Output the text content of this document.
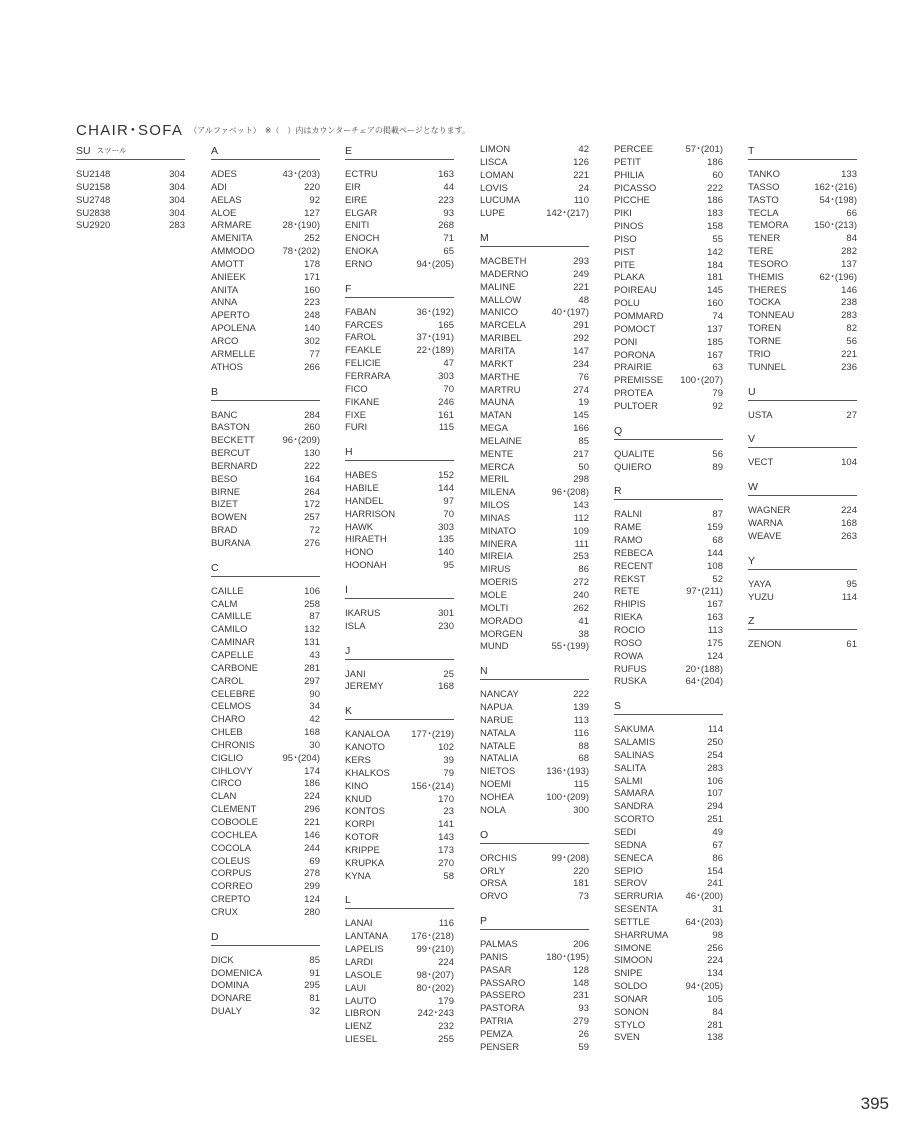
CHAIR･SOFA （アルファベット）　※（　）内はカウンターチェアの掲載ページとなります。
SU スツール
SU2148	304
SU2158	304
SU2748	304
SU2838	304
SU2920	283
A
ADES	43･(203)
ADI	220
AELAS	92
ALOE	127
ARMARE	28･(190)
AMENITA	252
AMMODO	78･(202)
AMOTT	178
ANIEEK	171
ANITA	160
ANNA	223
APERTO	248
APOLENA	140
ARCO	302
ARMELLE	77
ATHOS	266
B
BANC	284
BASTON	260
BECKETT	96･(209)
BERCUT	130
BERNARD	222
BESO	164
BIRNE	264
BIZET	172
BOWEN	257
BRAD	72
BURANA	276
C
CAILLE	106
CALM	258
CAMILLE	87
CAMILO	132
CAMINAR	131
CAPELLE	43
CARBONE	281
CAROL	297
CELEBRE	90
CELMOS	34
CHARO	42
CHLEB	168
CHRONIS	30
CIGLIO	95･(204)
CIHLOVY	174
CIRCO	186
CLAN	224
CLEMENT	296
COBOOLE	221
COCHLEA	146
COCOLA	244
COLEUS	69
CORPUS	278
CORREO	299
CREPTO	124
CRUX	280
D
DICK	85
DOMENICA	91
DOMINA	295
DONARE	81
DUALY	32
E
ECTRU	163
EIR	44
EIRE	223
ELGAR	93
ENITI	268
ENOCH	71
ENOKA	65
ERNO	94･(205)
F
FABAN	36･(192)
FARCES	165
FAROL	37･(191)
FEAKLE	22･(189)
FELICIE	47
FERRARA	303
FICO	70
FIKANE	246
FIXE	161
FURI	115
H
HABES	152
HABILE	144
HANDEL	97
HARRISON	70
HAWK	303
HIRAETH	135
HONO	140
HOONAH	95
I
IKARUS	301
ISLA	230
J
JANI	25
JEREMY	168
K
KANALOA 177･(219)
KANOTO	102
KERS	39
KHALKOS	79
KINO	156･(214)
KNUD	170
KONTOS	23
KORPI	141
KOTOR	143
KRIPPE	173
KRUPKA	270
KYNA	58
L
LANAI	116
LANTANA 176･(218)
LAPELIS	99･(210)
LARDI	224
LASOLE	98･(207)
LAUI	80･(202)
LAUTO	179
LIBRON	242･243
LIENZ	232
LIESEL	255
LIMON	42
LISCA	126
LOMAN	221
LOVIS	24
LUCUMA	110
LUPE	142･(217)
M
MACBETH	293
MADERNO	249
MALINE	221
MALLOW	48
MANICO	40･(197)
MARCELA	291
MARIBEL	292
MARITA	147
MARKT	234
MARTHE	76
MARTRU	274
MAUNA	19
MATAN	145
MEGA	166
MELAINE	85
MENTE	217
MERCA	50
MERIL	298
MILENA	96･(208)
MILOS	143
MINAS	112
MINATO	109
MINERA	111
MIREIA	253
MIRUS	86
MOERIS	272
MOLE	240
MOLTI	262
MORADO	41
MORGEN	38
MUND	55･(199)
N
NANCAY	222
NAPUA	139
NARUE	113
NATALA	116
NATALE	88
NATALIA	68
NIETOS	136･(193)
NOEMI	115
NOHEA	100･(209)
NOLA	300
O
ORCHIS	99･(208)
ORLY	220
ORSA	181
ORVO	73
P
PALMAS	206
PANIS	180･(195)
PASAR	128
PASSARO	148
PASSERO	231
PASTORA	93
PATRIA	279
PEMZA	26
PENSER	59
PERCEE	57･(201)
PETIT	186
PHILIA	60
PICASSO	222
PICCHE	186
PIKI	183
PINOS	158
PISO	55
PIST	142
PITE	184
PLAKA	181
POIREAU	145
POLU	160
POMMARD	74
POMOCT	137
PONI	185
PORONA	167
PRAIRIE	63
PREMISSE 100･(207)
PROTEA	79
PULTOER	92
Q
QUALITE	56
QUIERO	89
R
RALNI	87
RAME	159
RAMO	68
REBECA	144
RECENT	108
REKST	52
RETE	97･(211)
RHIPIS	167
RIEKA	163
ROCIO	113
ROSO	175
ROWA	124
RUFUS	20･(188)
RUSKA	64･(204)
S
SAKUMA	114
SALAMIS	250
SALINAS	254
SALITA	283
SALMI	106
SAMARA	107
SANDRA	294
SCORTO	251
SEDI	49
SEDNA	67
SENECA	86
SEPIO	154
SEROV	241
SERRURIA 46･(200)
SESENTA	31
SETTLE	64･(203)
SHARRUMA	98
SIMONE	256
SIMOON	224
SNIPE	134
SOLDO	94･(205)
SONAR	105
SONON	84
STYLO	281
SVEN	138
T
TANKO	133
TASSO	162･(216)
TASTO	54･(198)
TECLA	66
TEMORA	150･(213)
TENER	84
TERE	282
TESORO	137
THEMIS	62･(196)
THERES	146
TOCKA	238
TONNEAU	283
TOREN	82
TORNE	56
TRIO	221
TUNNEL	236
U
USTA	27
V
VECT	104
W
WAGNER	224
WARNA	168
WEAVE	263
Y
YAYA	95
YUZU	114
Z
ZENON	61
395
